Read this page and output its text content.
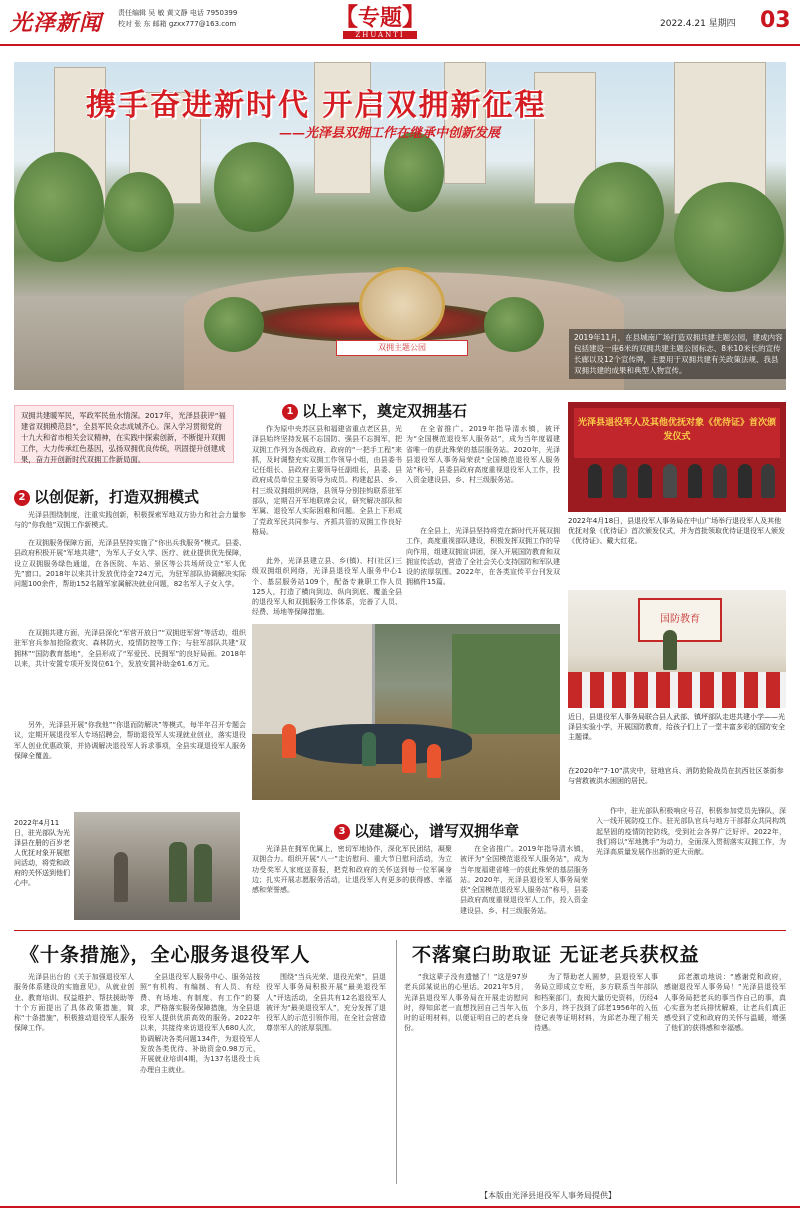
光泽新闻 责任编辑 吴 敏 黄文静 电话 7950399
校对 张 东 邮箱 gzxx777@163.com	【专题】
ZHUANTI
2022.4.21 星期四 03
双拥主题公园
携手奋进新时代 开启双拥新征程
——光泽县双拥工作在继承中创新发展
2019年11月，在县城南广场打造双拥共建主题公园，建成内容包括建设一座6米的双拥共建主题公园标志、8米10米长的宣传长廊以及12个宣传牌，主要用于双拥共建有关政策法规、我县双拥共建的成果和典型人物宣传。
双拥共建暖军民，军政军民鱼水情深。2017年，光泽县获评“福建省双拥模范县”，全县军民众志成城齐心。深入学习贯彻党的十九大和省市相关会议精神，在实践中探索创新，不断提升双拥工作，大力传承红色基因，弘扬双拥优良传统，巩固提升创建成果，奋力开创新时代双拥工作新局面。
1 以上率下，奠定双拥基石
2 以创促新，打造双拥模式
光泽县围绕制度，注重实践创新，积极探索军地双方协力和社会力量参与的“你我他”双拥工作新模式。
在双拥服务保障方面，光泽县坚持实施了“你出兵我服务”模式。县委、县政府积极开展“军地共建”，为军人子女入学、医疗、就业提供优先保障，设立双拥服务绿色通道，在各医院、车站、景区等公共场所设立“军人优先”窗口。2018年以来共计发放优待金724万元，为驻军部队协调解决实际问题100余件，帮助152名随军家属解决就业问题，82名军人子女入学。
在双拥共建方面，光泽县深化“军营开放日”“双拥进军营”等活动，组织驻军官兵参加抢险救灾、森林防火、疫情防控等工作；与驻军部队共建“双拥林”“国防教育基地”，全县形成了“军爱民、民拥军”的良好局面。2018年以来，共计安置专项开发岗位61个，发放安置补助金61.6万元。
另外，光泽县开展“你我他”“你退而防解决”等模式，每半年召开专题会议，定期开展退役军人专场招聘会，帮助退役军人实现就业创业，落实退役军人创业优惠政策，并协调解决退役军人诉求事项，全县实现退役军人服务保障全覆盖。
作为原中央苏区县和福建省重点老区县，光泽县始终坚持发展不忘国防、强县不忘拥军，把双拥工作列为各级政府、政府的“一把手工程”来抓，及时调整充实双拥工作领导小组，由县委书记任组长、县政府主要领导任副组长，县委、县政府成员单位主要领导为成员。构建起县、乡、村三级双拥组织网络，县领导分别挂钩联系驻军部队，定期召开军地联席会议，研究解决部队和军属、退役军人实际困难和问题。全县上下形成了党政军民共同参与、齐抓共管的双拥工作良好格局。
此外，光泽县建立县、乡(镇)、村(社区)三级双拥组织网络，光泽县退役军人服务中心1个、基层服务站109个，配备专兼职工作人员125人，打造了横向到边、纵向到底、覆盖全县的退役军人和双拥服务工作体系，完善了人员、经费、场地等保障措施。
在全省推广。2019年指导清水镇，被评为“全国模范退役军人服务站”，成为当年度福建省唯一的获此殊荣的基层服务站。2020年，光泽县退役军人事务局荣获“全国模范退役军人服务站”称号，县委县政府高度重视退役军人工作，投入资金建设县、乡、村三级服务站。
在全县上，光泽县坚持将党在新时代开展双拥工作，高度重视部队建设，积极发挥双拥工作的导向作用，组建双拥宣讲团，深入开展国防教育和双拥宣传活动，营造了全社会关心支持国防和军队建设的浓厚氛围。2022年，在各类宣传平台刊发双拥稿件15篇。
光泽县退役军人及其他优抚对象《优待证》首次颁发仪式
2022年4月18日，县退役军人事务局在中山广场举行退役军人及其他优抚对象《优待证》首次颁发仪式，并为首批领取优待证退役军人颁发《优待证》、戴大红花。
国防教育
近日，县退役军人事务局联合县人武部、镇坪部队走进共建小学——光泽县实验小学，开展国防教育，给孩子们上了一堂丰富多彩的国防安全主题课。
在2020年“7·10”洪灾中，驻地官兵、消防抢险战员在抗西社区茶街参与营救被洪水困困的居民。
2022年4月11日，驻光部队为光泽县在册的百岁老人优抚对象开展慰问活动，将党和政府的关怀送到他们心中。
3 以建凝心，谱写双拥华章
光泽县在拥军优属上，密切军地协作，深化军民团结，凝聚双拥合力。组织开展“八一”走访慰问、重大节日慰问活动，为立功受奖军人家庭送喜报，把党和政府的关怀送到每一位军属身边；扎实开展志愿服务活动，让退役军人有更多的获得感、幸福感和荣誉感。
在全省推广。2019年指导清水镇，被评为“全国模范退役军人服务站”，成为当年度福建省唯一的获此殊荣的基层服务站。2020年，光泽县退役军人事务局荣获“全国模范退役军人服务站”称号，县委县政府高度重视退役军人工作，投入资金建设县、乡、村三级服务站。
作中，驻光部队积极响应号召，积极参加党员先锋队，深入一线开展防疫工作。驻光部队官兵与地方干部群众共同构筑起坚固的疫情防控防线，受到社会各界广泛好评。2022年，我们将以“军地携手”为动力，全面深入贯彻落实双拥工作，为光泽高质量发展作出新的更大贡献。
《十条措施》，全心服务退役军人	不落窠臼助取证 无证老兵获权益
光泽县出台的《关于加强退役军人服务体系建设的实施意见》，从就业创业、教育培训、权益维护、帮扶援助等十个方面提出了具体政策措施，简称“十条措施”，积极推动退役军人服务保障工作。
全县退役军人服务中心、服务站按照“有机构、有编制、有人员、有经费、有场地、有制度、有工作”的要求，严格落实服务保障措施，为全县退役军人提供优质高效的服务。2022年以来，共接待来访退役军人680人次，协调解决各类问题134件，为退役军人发放各类优待、补助资金0.98万元，开展就业培训4期，为137名退役士兵办理自主就业。
围绕“当兵光荣、退役光荣”，县退役军人事务局积极开展“最美退役军人”评选活动，全县共有12名退役军人被评为“最美退役军人”，充分发挥了退役军人的示范引领作用，在全社会营造尊崇军人的浓厚氛围。
“我这辈子没有遗憾了！”这是97岁老兵邱某说出的心里话。2021年5月，光泽县退役军人事务局在开展走访慰问时，得知邱老一直想找回自己当年入伍时的证明材料，以便证明自己的老兵身份。
为了帮助老人圆梦，县退役军人事务局立即成立专班，多方联系当年部队和档案部门，查阅大量历史资料，历经4个多月，终于找到了邱老1956年的入伍登记表等证明材料，为邱老办理了相关待遇。
邱老激动地说：“感谢党和政府，感谢退役军人事务局！”光泽县退役军人事务局把老兵的事当作自己的事，真心实意为老兵排忧解难，让老兵们真正感受到了党和政府的关怀与温暖，增强了他们的获得感和幸福感。
【本版由光泽县退役军人事务局提供】
